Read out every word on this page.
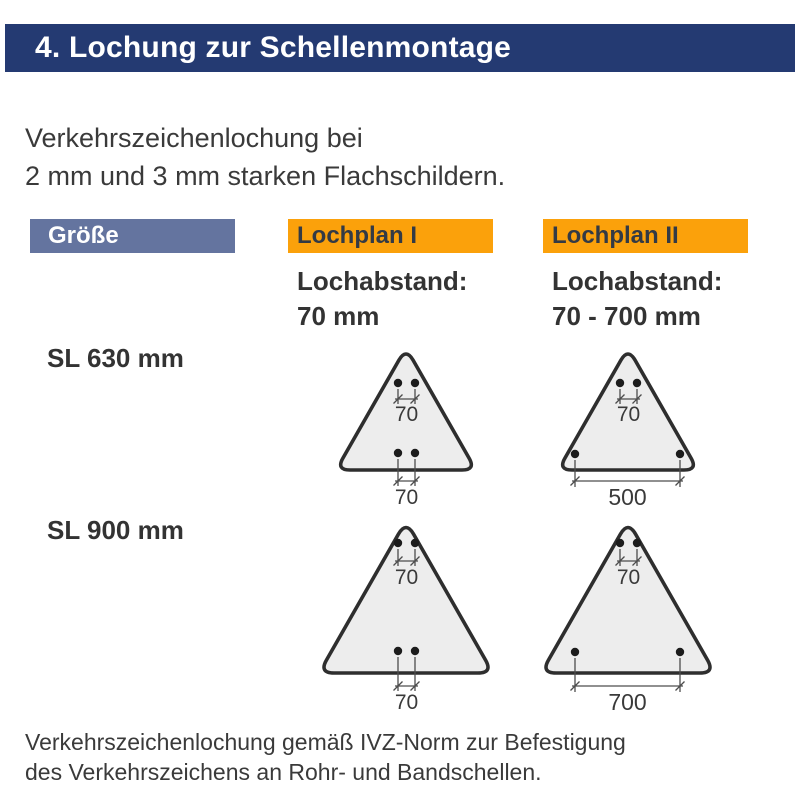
4. Lochung zur Schellenmontage
Verkehrszeichenlochung bei
2 mm und 3 mm starken Flachschildern.
Größe	Lochplan I	Lochplan II
Lochabstand:
70 mm
Lochabstand:
70 - 700 mm
SL 630 mm
SL 900 mm
70
70
70
500
70
70
70
700
Verkehrszeichenlochung gemäß IVZ-Norm zur Befestigung
des Verkehrszeichens an Rohr- und Bandschellen.
